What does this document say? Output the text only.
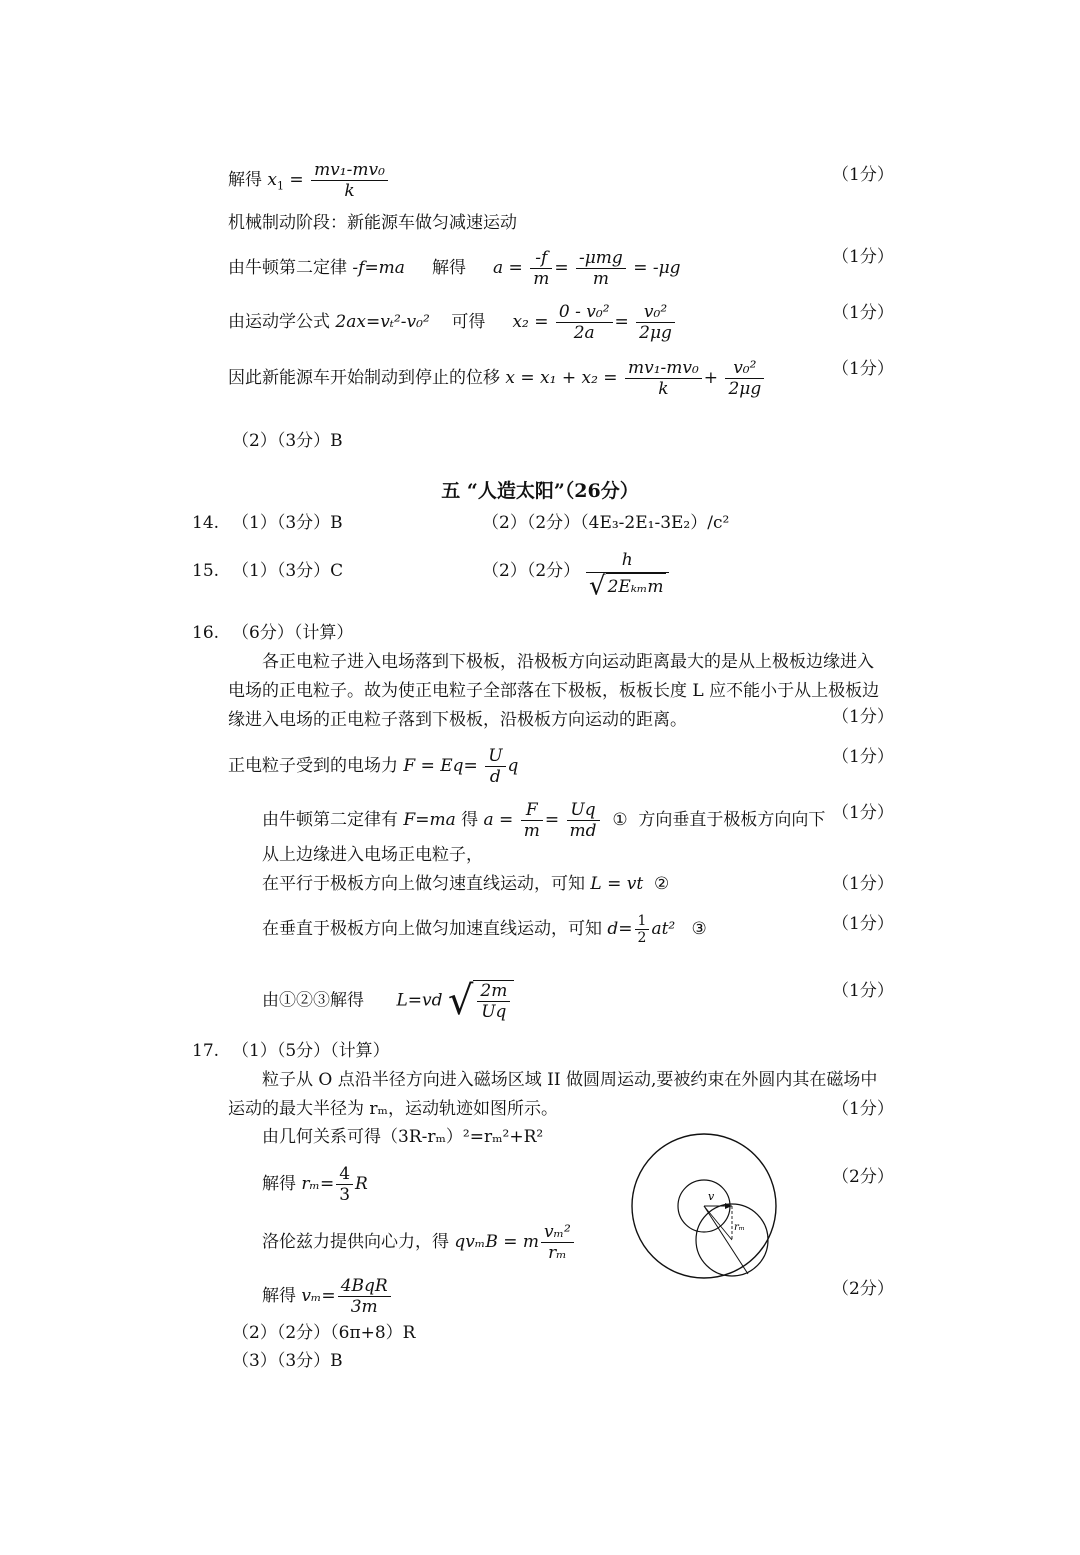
解得 $x_1 = \frac{\text{mv₁-mv₀}}{k}$	（1分）
机械制动阶段：新能源车做匀减速运动
由牛顿第二定律 -f=ma 解得 $a = \frac{-f}{m} = \frac{\text{-μmg}}{m} = -\mu g$
（1分）
由运动学公式 2ax=vₜ²-v₀² 可得 $x_2 = \frac{\text{0 - v₀²}}{2a} = \frac{\text{v₀²}}{2\mu g}$	（1分）
因此新能源车开始制动到停止的位移 $x = x_1 + x_2 = \frac{\text{mv₁-mv₀}}{k} + \frac{\text{v₀²}}{2\mu g}$	（1分）
（2）（3分）B
五 “人造太阳”（26分）
14. （1）（3分）B	（2）（2分）（4E₃-2E₁-3E₂）/c²
15. （1）（3分）C	（2）（2分） $\frac{h}{\text{√ 2Eₖₘm}}$
16. （6分）（计算）
各正电粒子进入电场落到下极板，沿极板方向运动距离最大的是从上极板边缘进入电场的正电粒子。故为使正电粒子全部落在下极板，板板长度 L 应不能小于从上极板边缘进入电场的正电粒子落到下极板，沿极板方向运动的距离。	（1分）
正电粒子受到的电场力 $F = Eq= \frac{U}{d}$ q	（1分）
由牛顿第二定律有 F=ma 得 $a = \frac{F}{m} = \frac{Uq}{md}$ ① 方向垂直于极板方向向下 （1分）
从上边缘进入电场正电粒子，
在平行于极板方向上做匀速直线运动，可知 L = vt ②	（1分）
在垂直于极板方向上做匀加速直线运动，可知 $d= \frac{1}{2} at^2$ ③	（1分）
由①②③解得 L=vd √ $\frac{2m}{Uq}$	（1分）
17. （1）（5分）（计算）
粒子从 O 点沿半径方向进入磁场区域 II 做圆周运动,要被约束在外圆内其在磁场中运动的最大半径为 rₘ，运动轨迹如图所示。	（1分）
由几何关系可得（3R-rₘ）²=rₘ²+R²
解得 $r_m= \frac{4}{3}$ R	（2分）
洛伦兹力提供向心力，得 qvₘB = m $\frac{\text{vₘ²}}{\text{rₘ}}$
解得 $v_m= \frac{\text{4BqR}}{3m}$	（2分）
（2）（2分）（6π+8）R
（3）（3分）B
v
rₘ
